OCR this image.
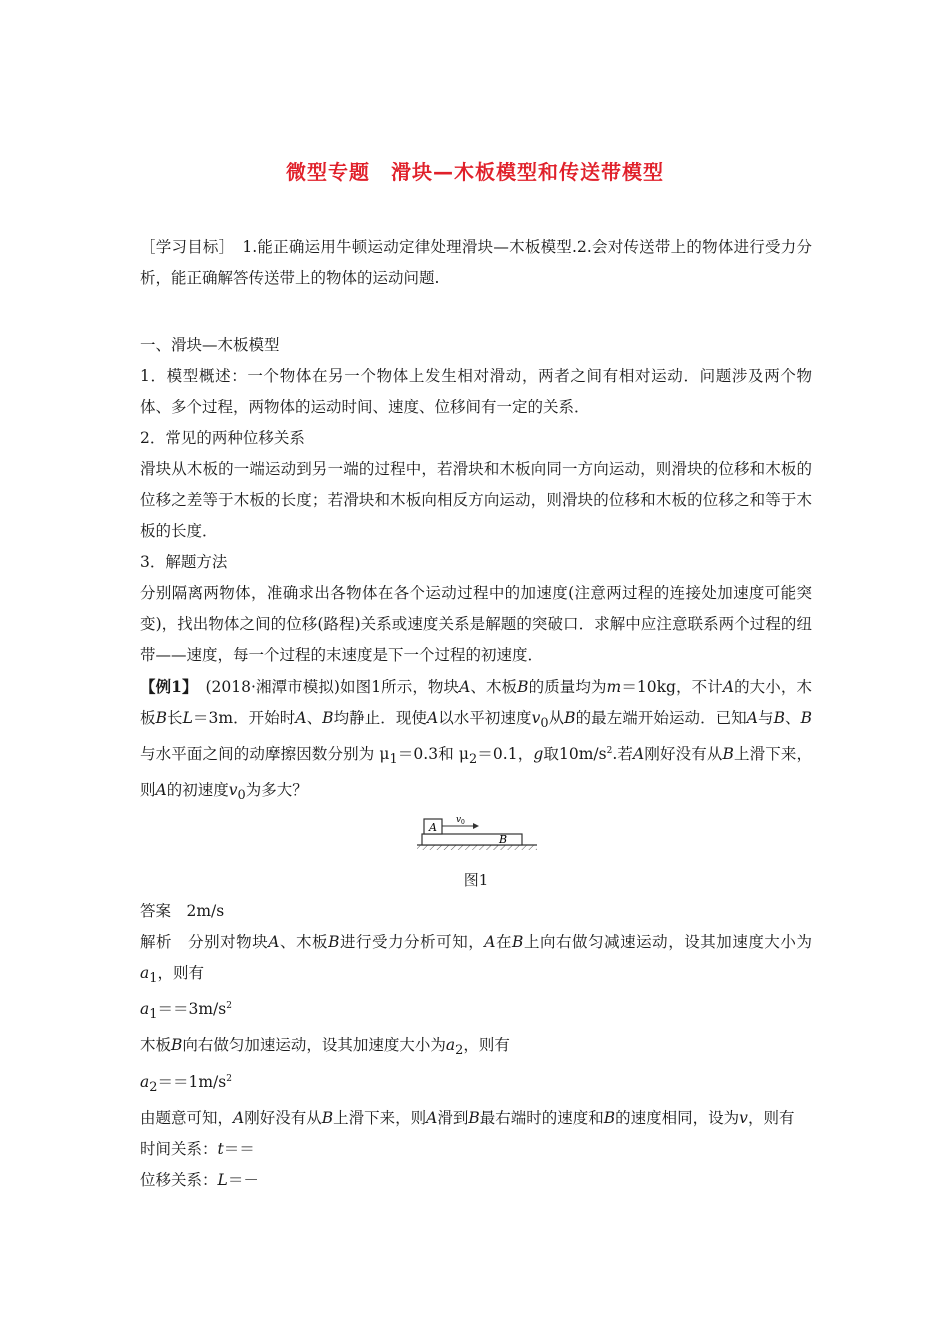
微型专题　滑块—木板模型和传送带模型

［学习目标］　1.能正确运用牛顿运动定律处理滑块—木板模型.2.会对传送带上的物体进行受力分析，能正确解答传送带上的物体的运动问题.

一、滑块—木板模型

1．模型概述：一个物体在另一个物体上发生相对滑动，两者之间有相对运动．问题涉及两个物体、多个过程，两物体的运动时间、速度、位移间有一定的关系．

2．常见的两种位移关系

滑块从木板的一端运动到另一端的过程中，若滑块和木板向同一方向运动，则滑块的位移和木板的位移之差等于木板的长度；若滑块和木板向相反方向运动，则滑块的位移和木板的位移之和等于木板的长度．

3．解题方法

分别隔离两物体，准确求出各物体在各个运动过程中的加速度(注意两过程的连接处加速度可能突变)，找出物体之间的位移(路程)关系或速度关系是解题的突破口．求解中应注意联系两个过程的纽带——速度，每一个过程的末速度是下一个过程的初速度．

【例1】　(2018·湘潭市模拟)如图1所示，物块A、木板B的质量均为m＝10kg，不计A的大小，木板B长L＝3m．开始时A、B均静止．现使A以水平初速度$v_0$从B的最左端开始运动．已知A与B、B与水平面之间的动摩擦因数分别为 $\mu_1=0.3$和 $\mu_2=0.1$，g取$10m/s^2$.若A刚好没有从B上滑下来，则A的初速度$v_0$为多大？

A
B
v 0

图1

答案　2m/s

解析　分别对物块A、木板B进行受力分析可知，A在B上向右做匀减速运动，设其加速度大小为$a_1$，则有

$a_1==3m/s^2$

木板B向右做匀加速运动，设其加速度大小为$a_2$，则有

$a_2==1m/s^2$

由题意可知，A刚好没有从B上滑下来，则A滑到B最右端时的速度和B的速度相同，设为v，则有

时间关系：t＝＝

位移关系：L＝－
